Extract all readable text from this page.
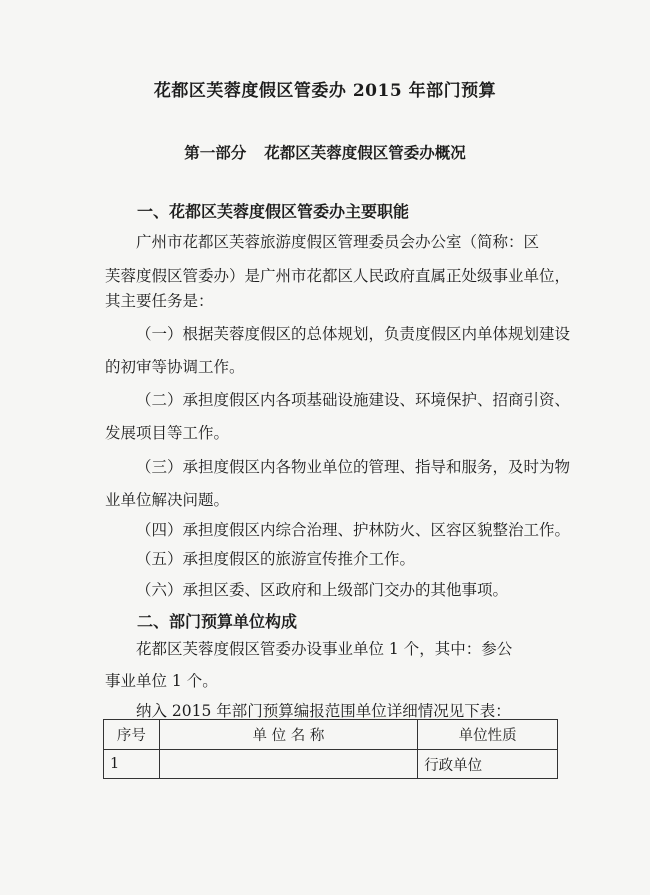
花都区芙蓉度假区管委办 2015 年部门预算
第一部分 花都区芙蓉度假区管委办概况
一、花都区芙蓉度假区管委办主要职能
广州市花都区芙蓉旅游度假区管理委员会办公室（简称：区
芙蓉度假区管委办）是广州市花都区人民政府直属正处级事业单位，
其主要任务是：
（一）根据芙蓉度假区的总体规划，负责度假区内单体规划建设
的初审等协调工作。
（二）承担度假区内各项基础设施建设、环境保护、招商引资、
发展项目等工作。
（三）承担度假区内各物业单位的管理、指导和服务，及时为物
业单位解决问题。
（四）承担度假区内综合治理、护林防火、区容区貌整治工作。
（五）承担度假区的旅游宣传推介工作。
（六）承担区委、区政府和上级部门交办的其他事项。
二、部门预算单位构成
花都区芙蓉度假区管委办设事业单位 1 个，其中：参公
事业单位 1 个。
纳入 2015 年部门预算编报范围单位详细情况见下表：
序号	单 位 名 称	单位性质
1		行政单位
